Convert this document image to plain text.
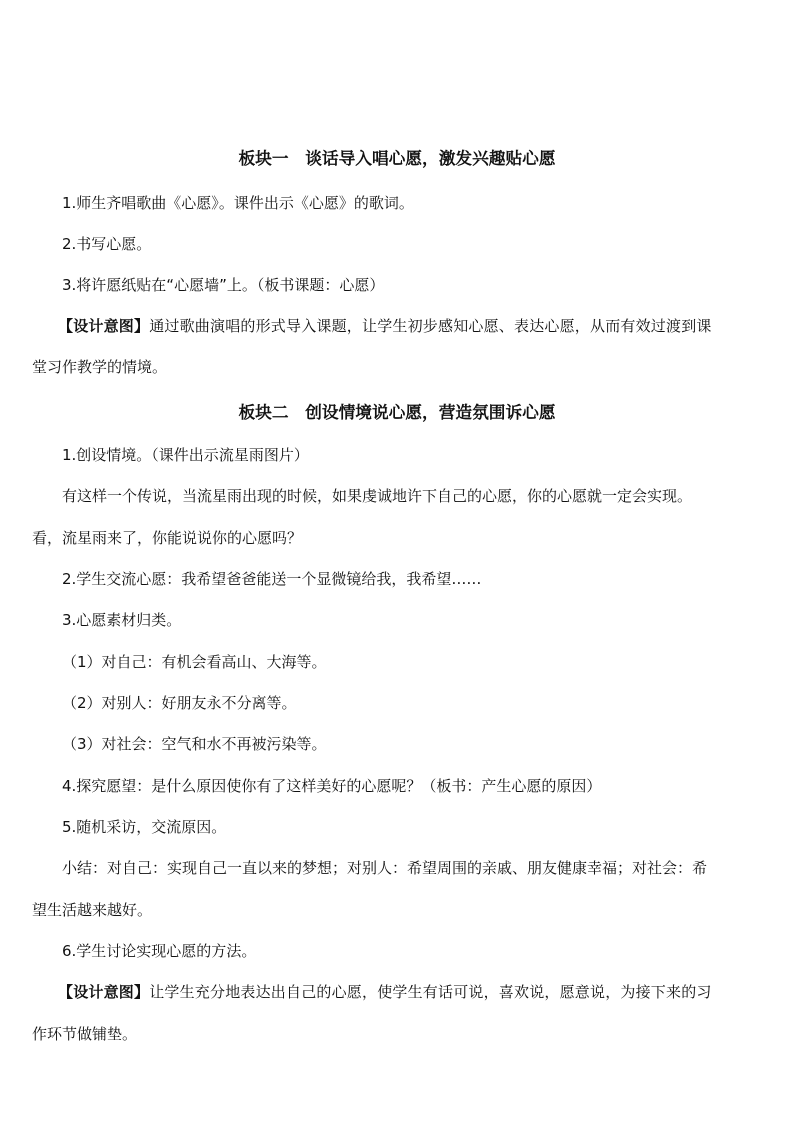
板块一　谈话导入唱心愿，激发兴趣贴心愿
1.师生齐唱歌曲《心愿》。课件出示《心愿》的歌词。
2.书写心愿。
3.将许愿纸贴在“心愿墙”上。（板书课题：心愿）
【设计意图】通过歌曲演唱的形式导入课题，让学生初步感知心愿、表达心愿，从而有效过渡到课
堂习作教学的情境。
板块二　创设情境说心愿，营造氛围诉心愿
1.创设情境。（课件出示流星雨图片）
有这样一个传说，当流星雨出现的时候，如果虔诚地许下自己的心愿，你的心愿就一定会实现。
看，流星雨来了，你能说说你的心愿吗？
2.学生交流心愿：我希望爸爸能送一个显微镜给我，我希望……
3.心愿素材归类。
（1）对自己：有机会看高山、大海等。
（2）对别人：好朋友永不分离等。
（3）对社会：空气和水不再被污染等。
4.探究愿望：是什么原因使你有了这样美好的心愿呢？（板书：产生心愿的原因）
5.随机采访，交流原因。
小结：对自己：实现自己一直以来的梦想；对别人：希望周围的亲戚、朋友健康幸福；对社会：希
望生活越来越好。
6.学生讨论实现心愿的方法。
【设计意图】让学生充分地表达出自己的心愿，使学生有话可说，喜欢说，愿意说，为接下来的习
作环节做铺垫。
